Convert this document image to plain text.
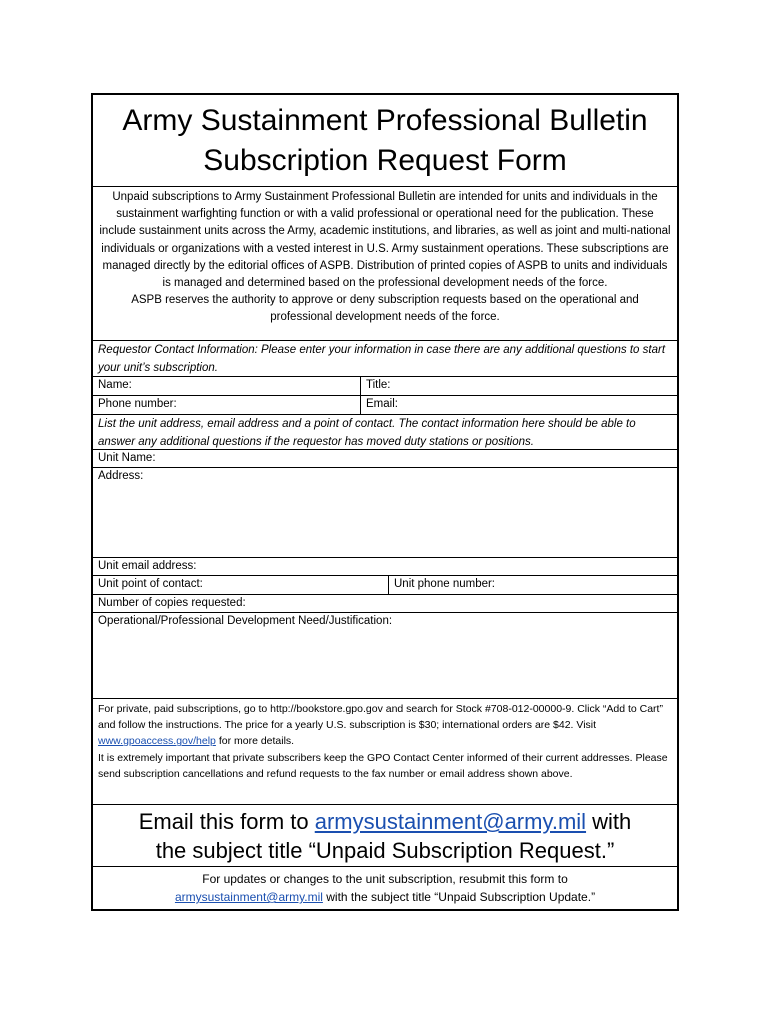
Army Sustainment Professional Bulletin
Subscription Request Form
Unpaid subscriptions to Army Sustainment Professional Bulletin are intended for units and individuals in the sustainment warfighting function or with a valid professional or operational need for the publication. These include sustainment units across the Army, academic institutions, and libraries, as well as joint and multi-national individuals or organizations with a vested interest in U.S. Army sustainment operations. These subscriptions are managed directly by the editorial offices of ASPB. Distribution of printed copies of ASPB to units and individuals is managed and determined based on the professional development needs of the force.
ASPB reserves the authority to approve or deny subscription requests based on the operational and professional development needs of the force.
Requestor Contact Information: Please enter your information in case there are any additional questions to start your unit’s subscription.
Name:	Title:
Phone number:	Email:
List the unit address, email address and a point of contact. The contact information here should be able to answer any additional questions if the requestor has moved duty stations or positions.
Unit Name:
Address:
Unit email address:
Unit point of contact:	Unit phone number:
Number of copies requested:
Operational/Professional Development Need/Justification:
For private, paid subscriptions, go to http://bookstore.gpo.gov and search for Stock #708-012-00000-9. Click “Add to Cart” and follow the instructions. The price for a yearly U.S. subscription is $30; international orders are $42. Visit www.gpoaccess.gov/help for more details.
It is extremely important that private subscribers keep the GPO Contact Center informed of their current addresses. Please send subscription cancellations and refund requests to the fax number or email address shown above.
Email this form to armysustainment@army.mil with
the subject title “Unpaid Subscription Request.”
For updates or changes to the unit subscription, resubmit this form to
armysustainment@army.mil with the subject title “Unpaid Subscription Update.”
